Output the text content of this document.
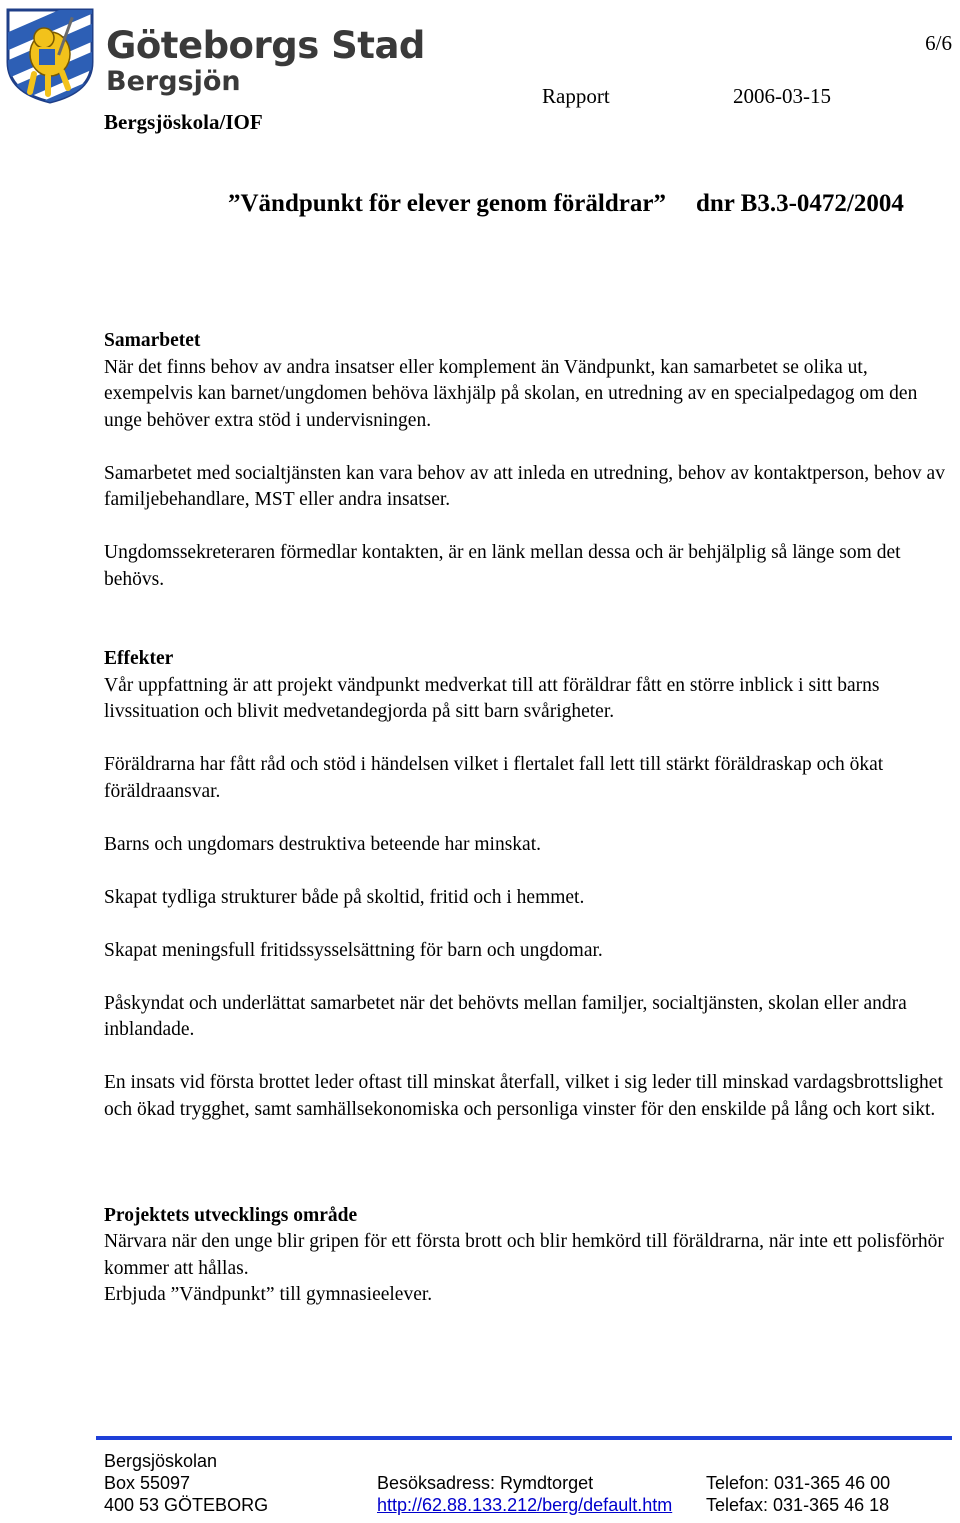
Göteborgs Stad
Bergsjön
6/6
Rapport	2006-03-15
Bergsjöskola/IOF
”Vändpunkt för elever genom föräldrar” dnr B3.3-0472/2004
Samarbetet

När det finns behov av andra insatser eller komplement än Vändpunkt, kan samarbetet se olika ut, exempelvis kan barnet/ungdomen behöva läxhjälp på skolan, en utredning av en specialpedagog om den unge behöver extra stöd i undervisningen.

Samarbetet med socialtjänsten kan vara behov av att inleda en utredning, behov av kontaktperson, behov av familjebehandlare, MST eller andra insatser.

Ungdomssekreteraren förmedlar kontakten, är en länk mellan dessa och är behjälplig så länge som det behövs.

Effekter

Vår uppfattning är att projekt vändpunkt medverkat till att föräldrar fått en större inblick i sitt barns livssituation och blivit medvetandegjorda på sitt barn svårigheter.

Föräldrarna har fått råd och stöd i händelsen vilket i flertalet fall lett till stärkt föräldraskap och ökat föräldraansvar.

Barns och ungdomars destruktiva beteende har minskat.

Skapat tydliga strukturer både på skoltid, fritid och i hemmet.

Skapat meningsfull fritidssysselsättning för barn och ungdomar.

Påskyndat och underlättat samarbetet när det behövts mellan familjer, socialtjänsten, skolan eller andra inblandade.

En insats vid första brottet leder oftast till minskat återfall, vilket i sig leder till minskad vardagsbrottslighet och ökad trygghet, samt samhällsekonomiska och personliga vinster för den enskilde på lång och kort sikt.

Projektets utvecklings område

Närvara när den unge blir gripen för ett första brott och blir hemkörd till föräldrarna, när inte ett polisförhör kommer att hållas.

Erbjuda ”Vändpunkt” till gymnasieelever.

Bergsjöskolan
Box 55097
400 53 GÖTEBORG
Besöksadress: Rymdtorget
http://62.88.133.212/berg/default.htm
Telefon: 031-365 46 00
Telefax: 031-365 46 18
